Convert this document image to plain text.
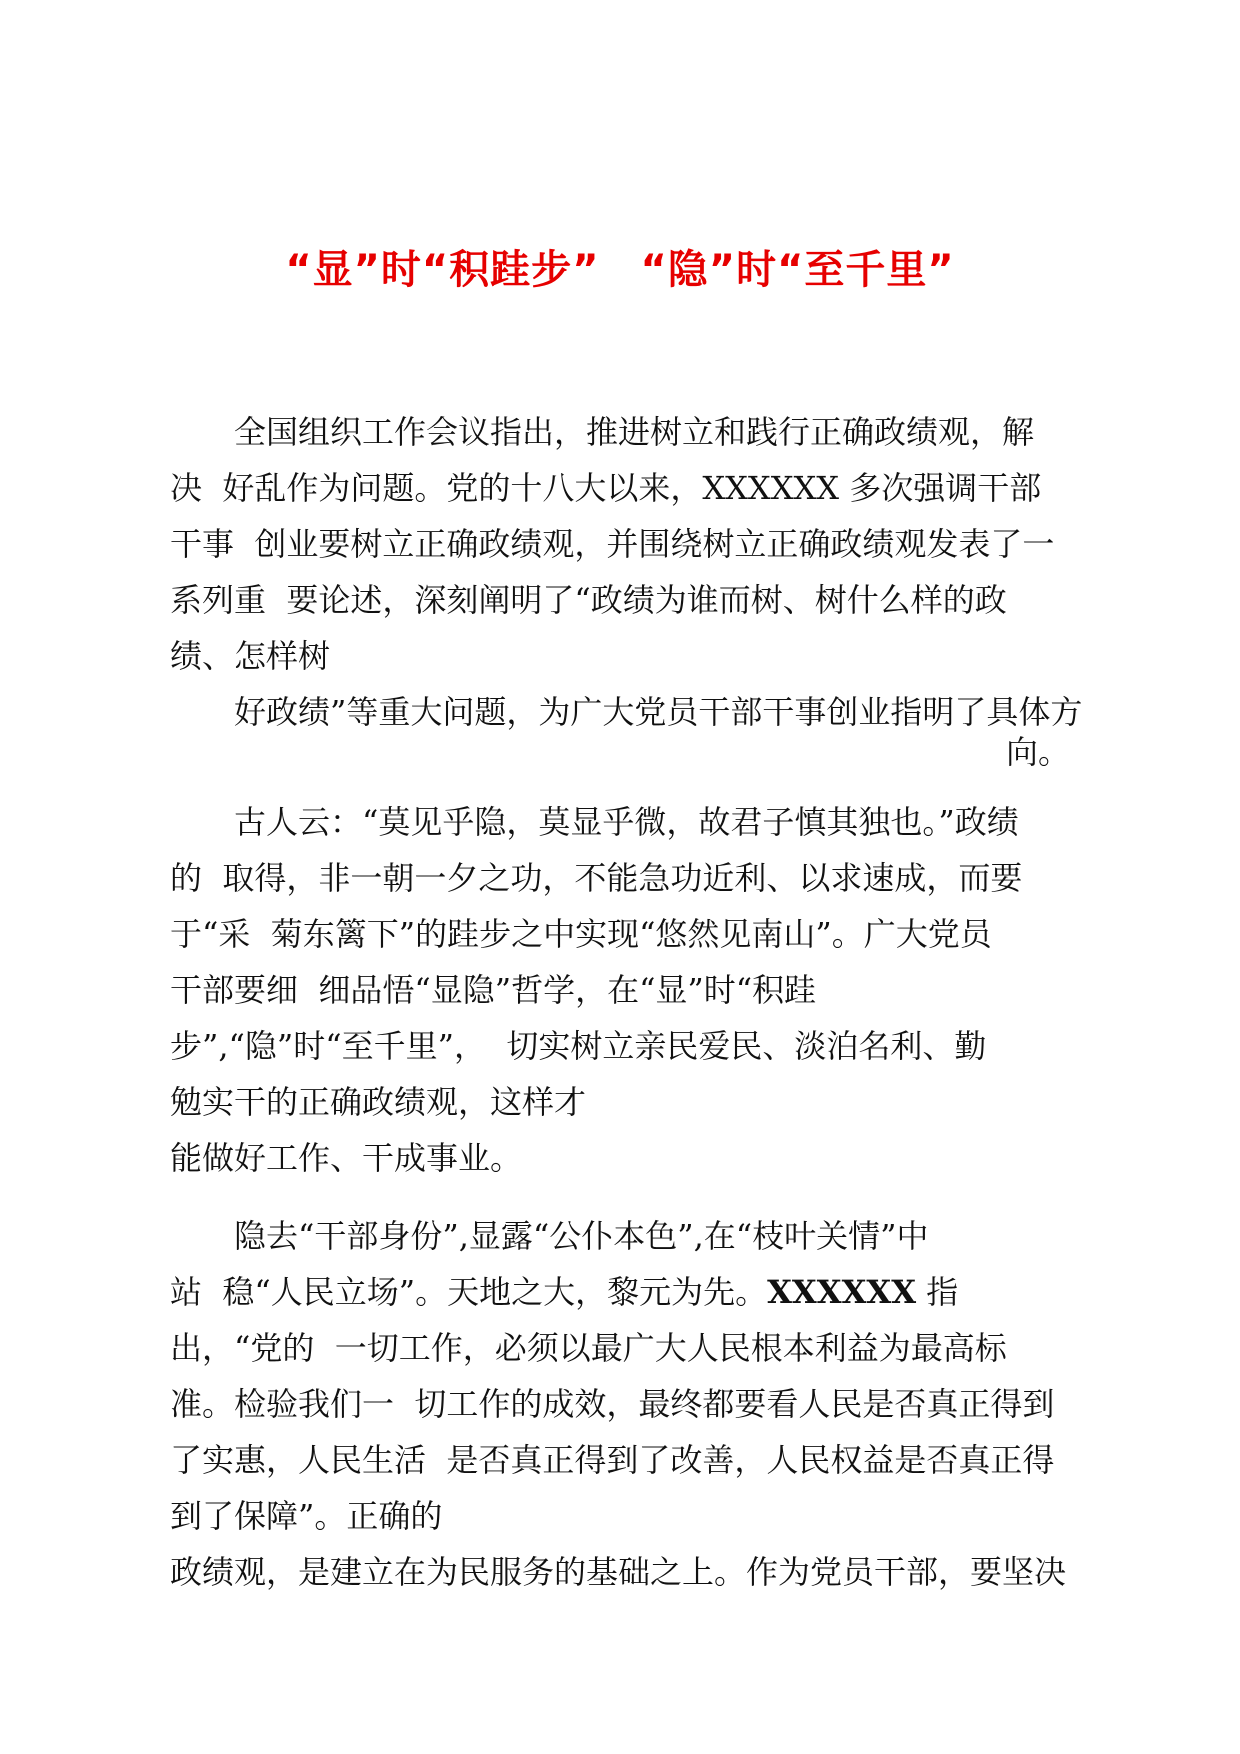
“显”时“积跬步”　“隐”时“至千里”

全国组织工作会议指出，推进树立和践行正确政绩观，解

决  好乱作为问题。党的十八大以来，XXXXXX 多次强调干部

干事  创业要树立正确政绩观，并围绕树立正确政绩观发表了一

系列重  要论述，深刻阐明了“政绩为谁而树、树什么样的政

绩、怎样树

好政绩”等重大问题，为广大党员干部干事创业指明了具体方

向。

古人云：“莫见乎隐，莫显乎微，故君子慎其独也。”政绩

的  取得，非一朝一夕之功，不能急功近利、以求速成，而要

于“采  菊东篱下”的跬步之中实现“悠然见南山”。广大党员

干部要细  细品悟“显隐”哲学，在“显”时“积跬

步”,“隐”时“至千里”，  切实树立亲民爱民、淡泊名利、勤

勉实干的正确政绩观，这样才

能做好工作、干成事业。

隐去“干部身份”,显露“公仆本色”,在“枝叶关情”中

站  稳“人民立场”。天地之大，黎元为先。XXXXXX 指

出，“党的  一切工作，必须以最广大人民根本利益为最高标

准。检验我们一  切工作的成效，最终都要看人民是否真正得到

了实惠，人民生活  是否真正得到了改善，人民权益是否真正得

到了保障”。正确的

政绩观，是建立在为民服务的基础之上。作为党员干部，要坚决
